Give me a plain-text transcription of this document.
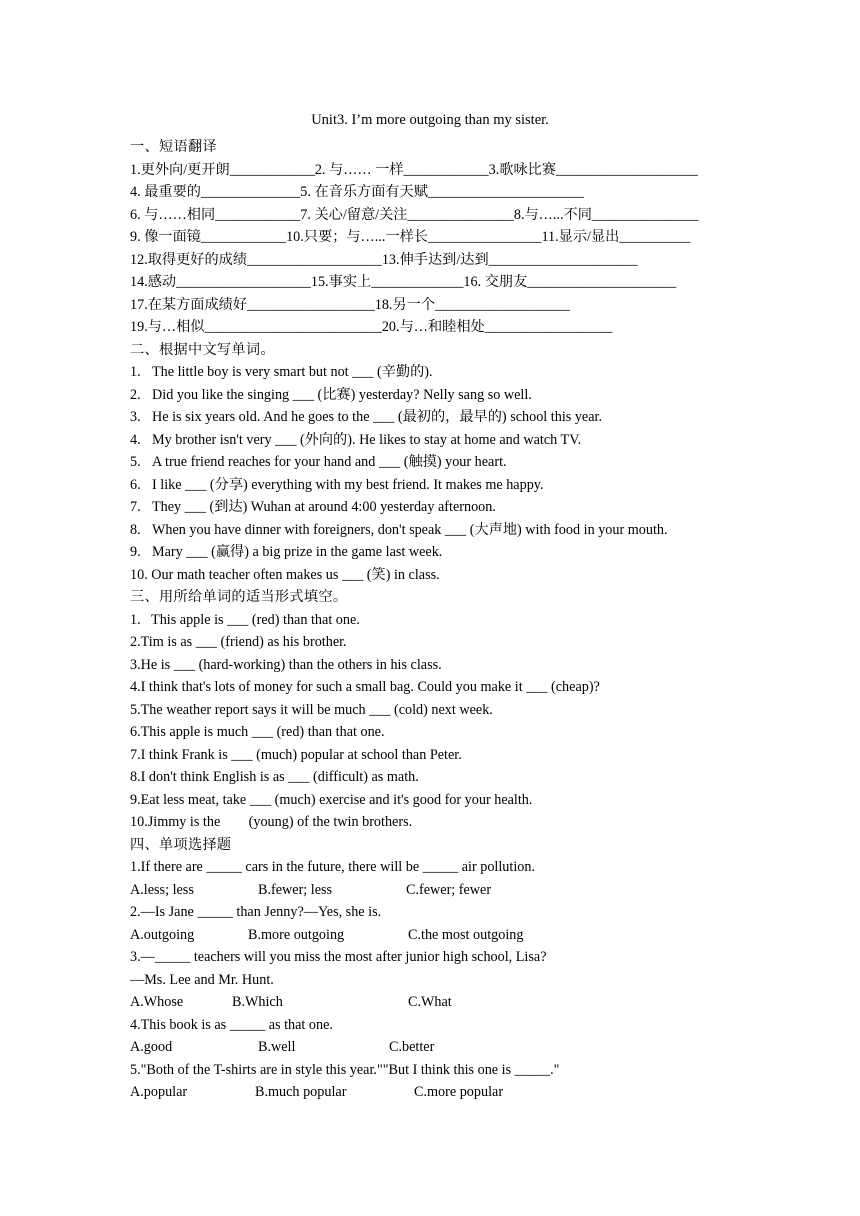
Unit3. I’m more outgoing than my sister.
一、短语翻译
1.更外向/更开朗____________2. 与…… 一样____________3.歌咏比赛____________________
4. 最重要的______________5. 在音乐方面有天赋______________________
6. 与……相同____________7. 关心/留意/关注_______________8.与…...不同_______________
9. 像一面镜____________10.只要；与…...一样长________________11.显示/显出__________
12.取得更好的成绩___________________13.伸手达到/达到_____________________
14.感动___________________15.事实上_____________16. 交朋友_____________________
17.在某方面成绩好__________________18.另一个___________________
19.与…相似_________________________20.与…和睦相处__________________
二、根据中文写单词。
1. The little boy is very smart but not ___ (辛勤的).
2. Did you like the singing ___ (比赛) yesterday? Nelly sang so well.
3. He is six years old. And he goes to the ___ (最初的，最早的) school this year.
4. My brother isn't very ___ (外向的). He likes to stay at home and watch TV.
5. A true friend reaches for your hand and ___ (触摸) your heart.
6. I like ___ (分享) everything with my best friend. It makes me happy.
7. They ___ (到达) Wuhan at around 4:00 yesterday afternoon.
8. When you have dinner with foreigners, don't speak ___ (大声地) with food in your mouth.
9. Mary ___ (赢得) a big prize in the game last week.
10. Our math teacher often makes us ___ (笑) in class.
三、用所给单词的适当形式填空。
1.   This apple is ___ (red) than that one.
2.Tim is as ___ (friend) as his brother.
3.He is ___ (hard-working) than the others in his class.
4.I think that's lots of money for such a small bag. Could you make it ___ (cheap)?
5.The weather report says it will be much ___ (cold) next week.
6.This apple is much ___ (red) than that one.
7.I think Frank is ___ (much) popular at school than Peter.
8.I don't think English is as ___ (difficult) as math.
9.Eat less meat, take ___ (much) exercise and it's good for your health.
10.Jimmy is the        (young) of the twin brothers.
四、单项选择题
1.If there are _____ cars in the future, there will be _____ air pollution.
A.less; less	B.fewer; less	C.fewer; fewer
2.—Is Jane _____ than Jenny?—Yes, she is.
A.outgoing	B.more outgoing	C.the most outgoing
3.—_____ teachers will you miss the most after junior high school, Lisa?
—Ms. Lee and Mr. Hunt.
A.Whose	B.Which	C.What
4.This book is as _____ as that one.
A.good	B.well	C.better
5."Both of the T-shirts are in style this year.""But I think this one is _____."
A.popular	B.much popular	C.more popular
